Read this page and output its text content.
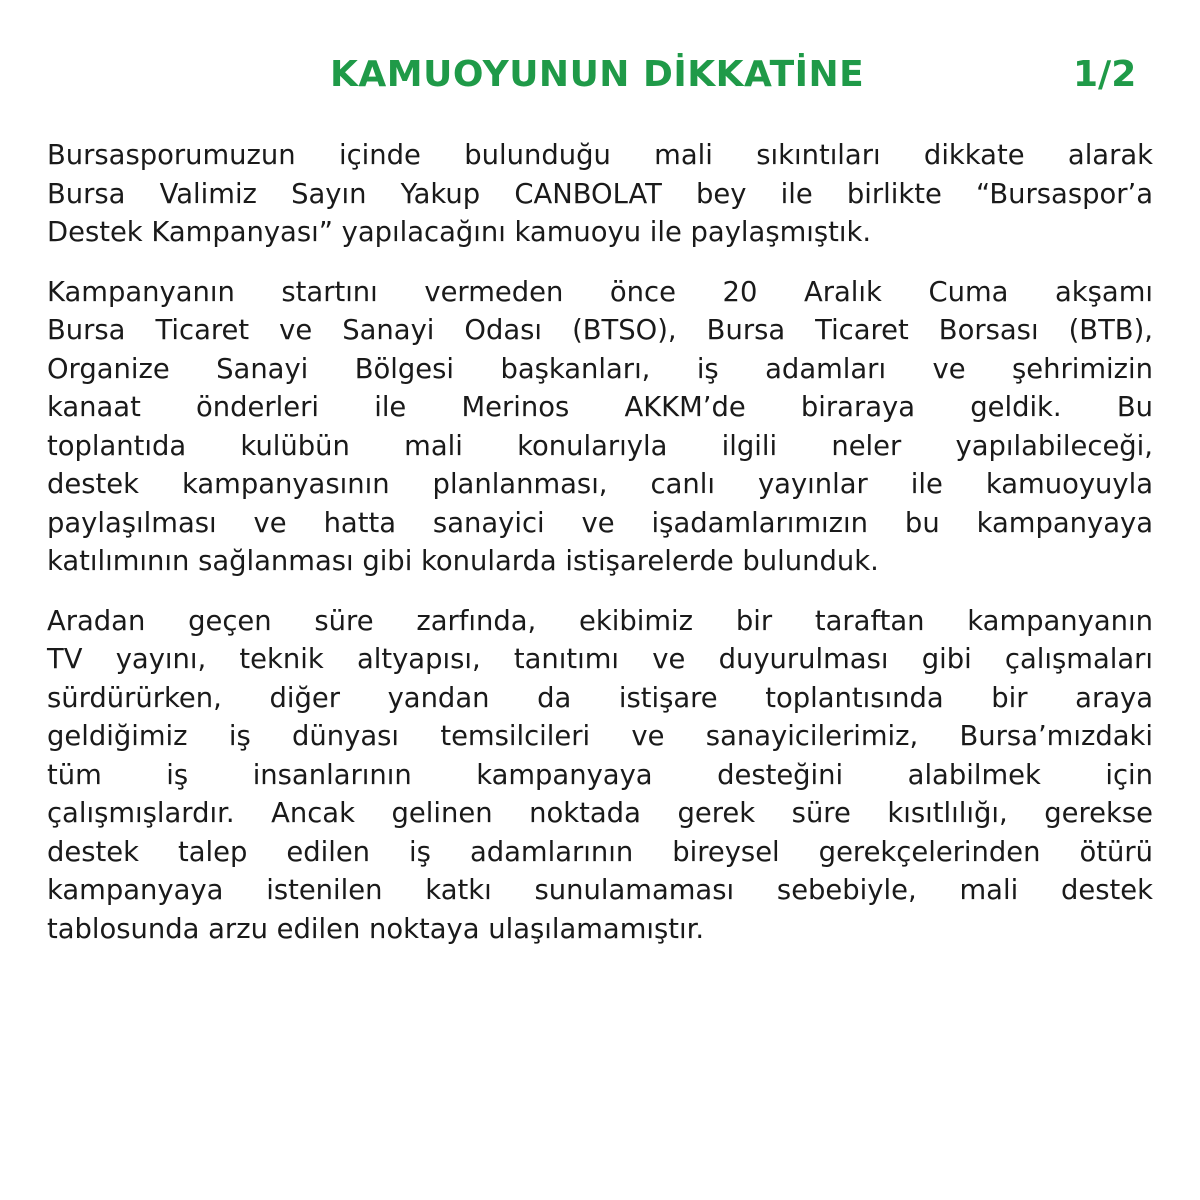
KAMUOYUNUN DİKKATİNE	1/2
Bursasporumuzun içinde bulunduğu mali sıkıntıları dikkate alarak
Bursa Valimiz Sayın Yakup CANBOLAT bey ile birlikte “Bursaspor’a
Destek Kampanyası” yapılacağını kamuoyu ile paylaşmıştık.
Kampanyanın startını vermeden önce 20 Aralık Cuma akşamı
Bursa Ticaret ve Sanayi Odası (BTSO), Bursa Ticaret Borsası (BTB),
Organize Sanayi Bölgesi başkanları, iş adamları ve şehrimizin
kanaat önderleri ile Merinos AKKM’de biraraya geldik. Bu
toplantıda kulübün mali konularıyla ilgili neler yapılabileceği,
destek kampanyasının planlanması, canlı yayınlar ile kamuoyuyla
paylaşılması ve hatta sanayici ve işadamlarımızın bu kampanyaya
katılımının sağlanması gibi konularda istişarelerde bulunduk.
Aradan geçen süre zarfında, ekibimiz bir taraftan kampanyanın
TV yayını, teknik altyapısı, tanıtımı ve duyurulması gibi çalışmaları
sürdürürken, diğer yandan da istişare toplantısında bir araya
geldiğimiz iş dünyası temsilcileri ve sanayicilerimiz, Bursa’mızdaki
tüm iş insanlarının kampanyaya desteğini alabilmek için
çalışmışlardır. Ancak gelinen noktada gerek süre kısıtlılığı, gerekse
destek talep edilen iş adamlarının bireysel gerekçelerinden ötürü
kampanyaya istenilen katkı sunulamaması sebebiyle, mali destek
tablosunda arzu edilen noktaya ulaşılamamıştır.
